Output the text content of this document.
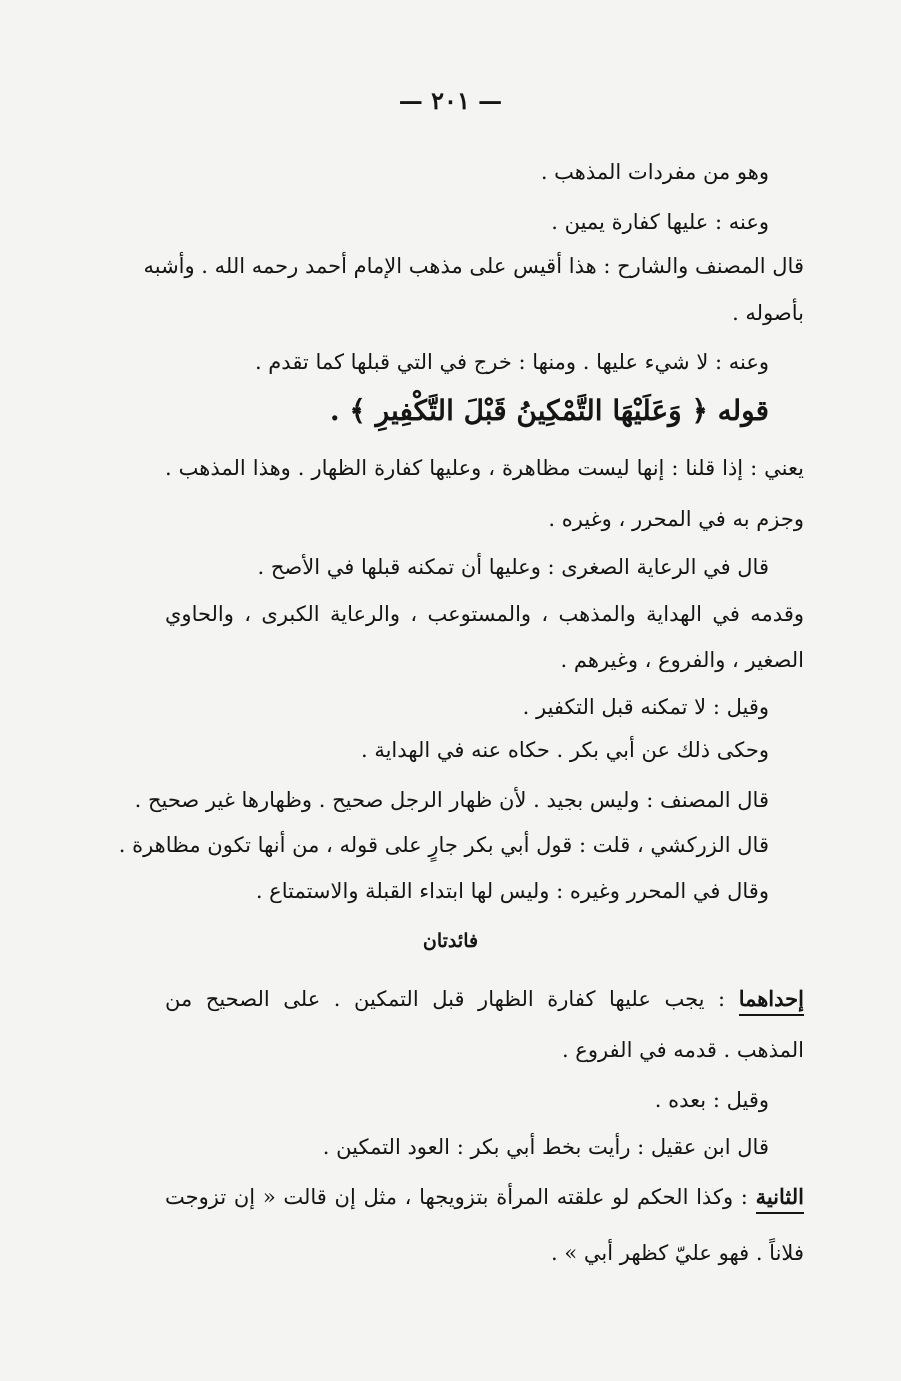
— ٢٠١ —
وهو من مفردات المذهب .
وعنه : عليها كفارة يمين .
قال المصنف والشارح : هذا أقيس على مذهب الإمام أحمد رحمه الله . وأشبه
بأصوله .
وعنه : لا شيء عليها . ومنها : خرج في التي قبلها كما تقدم .
قوله ﴿ وَعَلَيْهَا التَّمْكِينُ قَبْلَ التَّكْفِيرِ ﴾ .
يعني : إذا قلنا : إنها ليست مظاهرة ، وعليها كفارة الظهار . وهذا المذهب .
وجزم به في المحرر ، وغيره .
قال في الرعاية الصغرى : وعليها أن تمكنه قبلها في الأصح .
وقدمه في الهداية والمذهب ، والمستوعب ، والرعاية الكبرى ، والحاوي
الصغير ، والفروع ، وغيرهم .
وقيل : لا تمكنه قبل التكفير .
وحكى ذلك عن أبي بكر . حكاه عنه في الهداية .
قال المصنف : وليس بجيد . لأن ظهار الرجل صحيح . وظهارها غير صحيح .
قال الزركشي ، قلت : قول أبي بكر جارٍ على قوله ، من أنها تكون مظاهرة .
وقال في المحرر وغيره : وليس لها ابتداء القبلة والاستمتاع .
فائدتان
إحداهما : يجب عليها كفارة الظهار قبل التمكين . على الصحيح من
المذهب . قدمه في الفروع .
وقيل : بعده .
قال ابن عقيل : رأيت بخط أبي بكر : العود التمكين .
الثانية : وكذا الحكم لو علقته المرأة بتزويجها ، مثل إن قالت « إن تزوجت
فلاناً . فهو عليّ كظهر أبي » .
